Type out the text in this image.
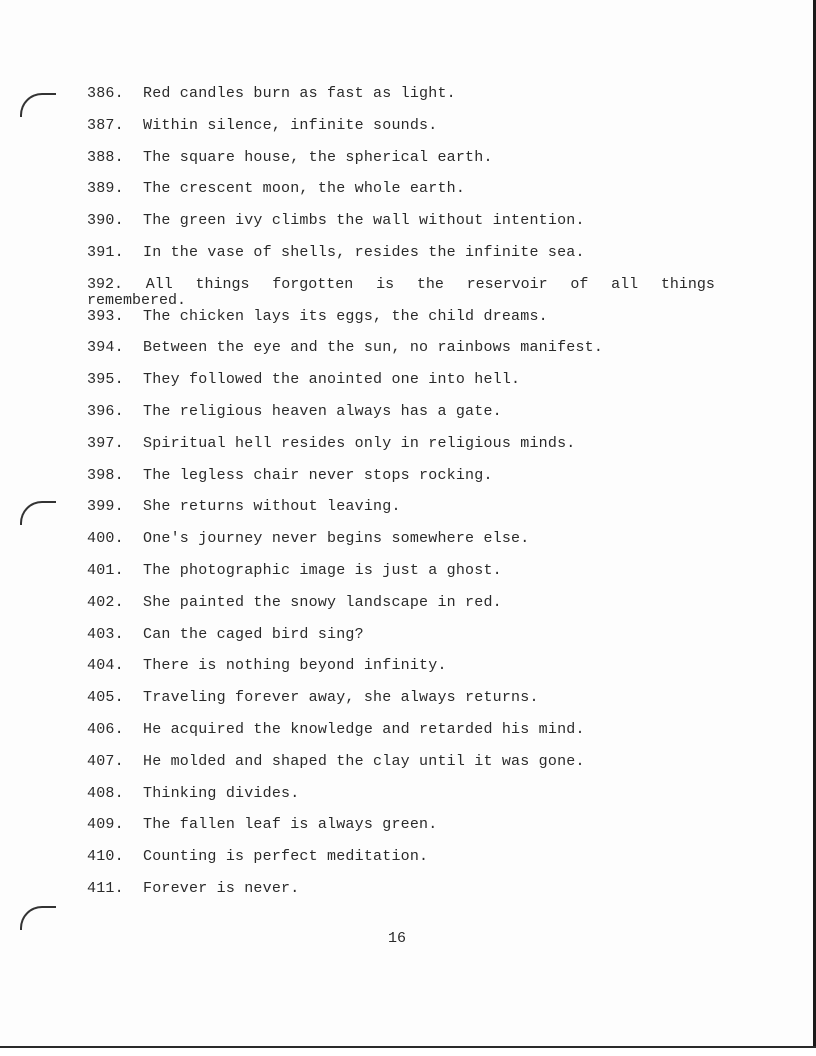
386. Red candles burn as fast as light.
387. Within silence, infinite sounds.
388. The square house, the spherical earth.
389. The crescent moon, the whole earth.
390. The green ivy climbs the wall without intention.
391. In the vase of shells, resides the infinite sea.
392. All things forgotten is the reservoir of all things
remembered.
393. The chicken lays its eggs, the child dreams.
394. Between the eye and the sun, no rainbows manifest.
395. They followed the anointed one into hell.
396. The religious heaven always has a gate.
397. Spiritual hell resides only in religious minds.
398. The legless chair never stops rocking.
399. She returns without leaving.
400. One's journey never begins somewhere else.
401. The photographic image is just a ghost.
402. She painted the snowy landscape in red.
403. Can the caged bird sing?
404. There is nothing beyond infinity.
405. Traveling forever away, she always returns.
406. He acquired the knowledge and retarded his mind.
407. He molded and shaped the clay until it was gone.
408. Thinking divides.
409. The fallen leaf is always green.
410. Counting is perfect meditation.
411. Forever is never.
16
